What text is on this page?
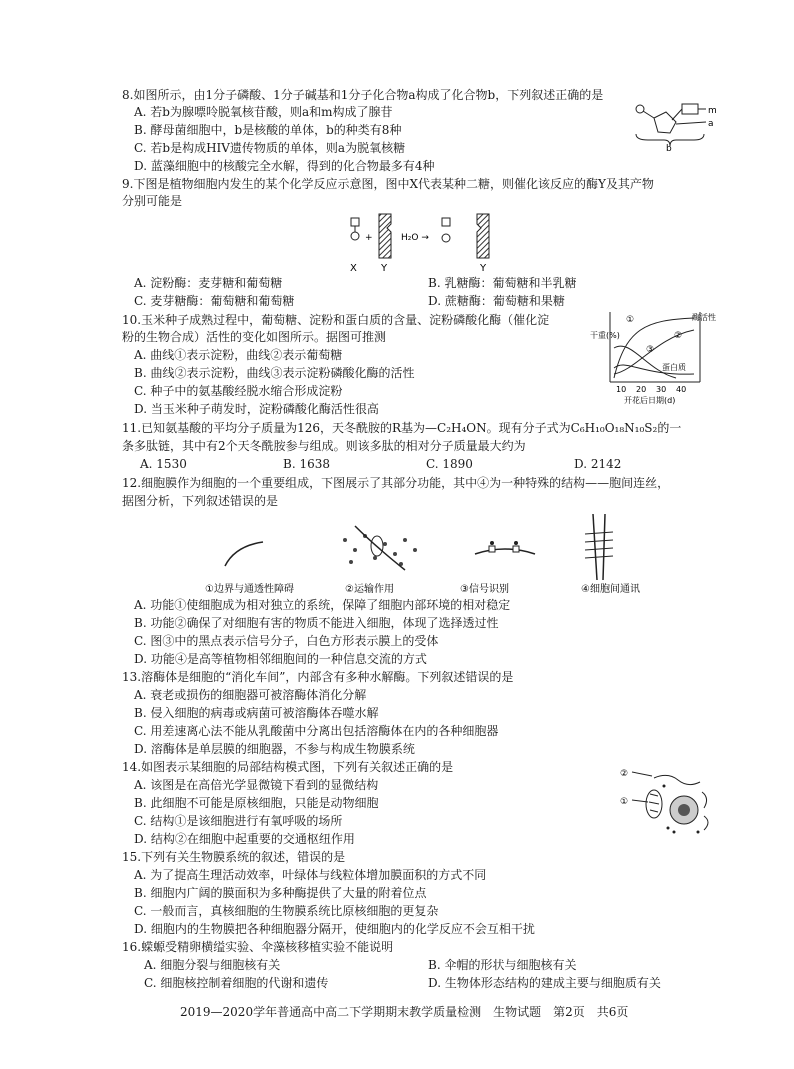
8.如图所示，由1分子磷酸、1分子碱基和1分子化合物a构成了化合物b，下列叙述正确的是
A. 若b为腺嘌呤脱氧核苷酸，则a和m构成了腺苷
B. 酵母菌细胞中，b是核酸的单体，b的种类有8种
C. 若b是构成HIV遗传物质的单体，则a为脱氧核糖
D. 蓝藻细胞中的核酸完全水解，得到的化合物最多有4种
m
a
b
9.下图是植物细胞内发生的某个化学反应示意图，图中X代表某种二糖，则催化该反应的酶Y及其产物
分别可能是
+	H₂O →
X Y	Y
A. 淀粉酶：麦芽糖和葡萄糖	B. 乳糖酶：葡萄糖和半乳糖
C. 麦芽糖酶：葡萄糖和葡萄糖	D. 蔗糖酶：葡萄糖和果糖
10.玉米种子成熟过程中，葡萄糖、淀粉和蛋白质的含量、淀粉磷酸化酶（催化淀
粉的生物合成）活性的变化如图所示。据图可推测
A. 曲线①表示淀粉，曲线②表示葡萄糖
B. 曲线②表示淀粉，曲线③表示淀粉磷酸化酶的活性
C. 种子中的氨基酸经脱水缩合形成淀粉
D. 当玉米种子萌发时，淀粉磷酸化酶活性很高
干重(%)
酶活性
①
②
③
蛋白质
10 20 30 40
开花后日期(d)
11.已知氨基酸的平均分子质量为126，天冬酰胺的R基为—C₂H₄ON。现有分子式为C₆H₁₀O₁₈N₁₀S₂的一
条多肽链，其中有2个天冬酰胺参与组成。则该多肽的相对分子质量最大约为
A. 1530	B. 1638	C. 1890	D. 2142
12.细胞膜作为细胞的一个重要组成，下图展示了其部分功能，其中④为一种特殊的结构——胞间连丝，
据图分析，下列叙述错误的是
①边界与通透性障碍	②运输作用	③信号识别	④细胞间通讯
A. 功能①使细胞成为相对独立的系统，保障了细胞内部环境的相对稳定
B. 功能②确保了对细胞有害的物质不能进入细胞，体现了选择透过性
C. 图③中的黑点表示信号分子，白色方形表示膜上的受体
D. 功能④是高等植物相邻细胞间的一种信息交流的方式
13.溶酶体是细胞的“消化车间”，内部含有多种水解酶。下列叙述错误的是
A. 衰老或损伤的细胞器可被溶酶体消化分解
B. 侵入细胞的病毒或病菌可被溶酶体吞噬水解
C. 用差速离心法不能从乳酸菌中分离出包括溶酶体在内的各种细胞器
D. 溶酶体是单层膜的细胞器，不参与构成生物膜系统
14.如图表示某细胞的局部结构模式图，下列有关叙述正确的是
A. 该图是在高倍光学显微镜下看到的显微结构
B. 此细胞不可能是原核细胞，只能是动物细胞
C. 结构①是该细胞进行有氧呼吸的场所
D. 结构②在细胞中起重要的交通枢纽作用
②
①
15.下列有关生物膜系统的叙述，错误的是
A. 为了提高生理活动效率，叶绿体与线粒体增加膜面积的方式不同
B. 细胞内广阔的膜面积为多种酶提供了大量的附着位点
C. 一般而言，真核细胞的生物膜系统比原核细胞的更复杂
D. 细胞内的生物膜把各种细胞器分隔开，使细胞内的化学反应不会互相干扰
16.蝾螈受精卵横缢实验、伞藻核移植实验不能说明
A. 细胞分裂与细胞核有关	B. 伞帽的形状与细胞核有关
C. 细胞核控制着细胞的代谢和遗传	D. 生物体形态结构的建成主要与细胞质有关
2019—2020学年普通高中高二下学期期末教学质量检测　生物试题　第2页　共6页
